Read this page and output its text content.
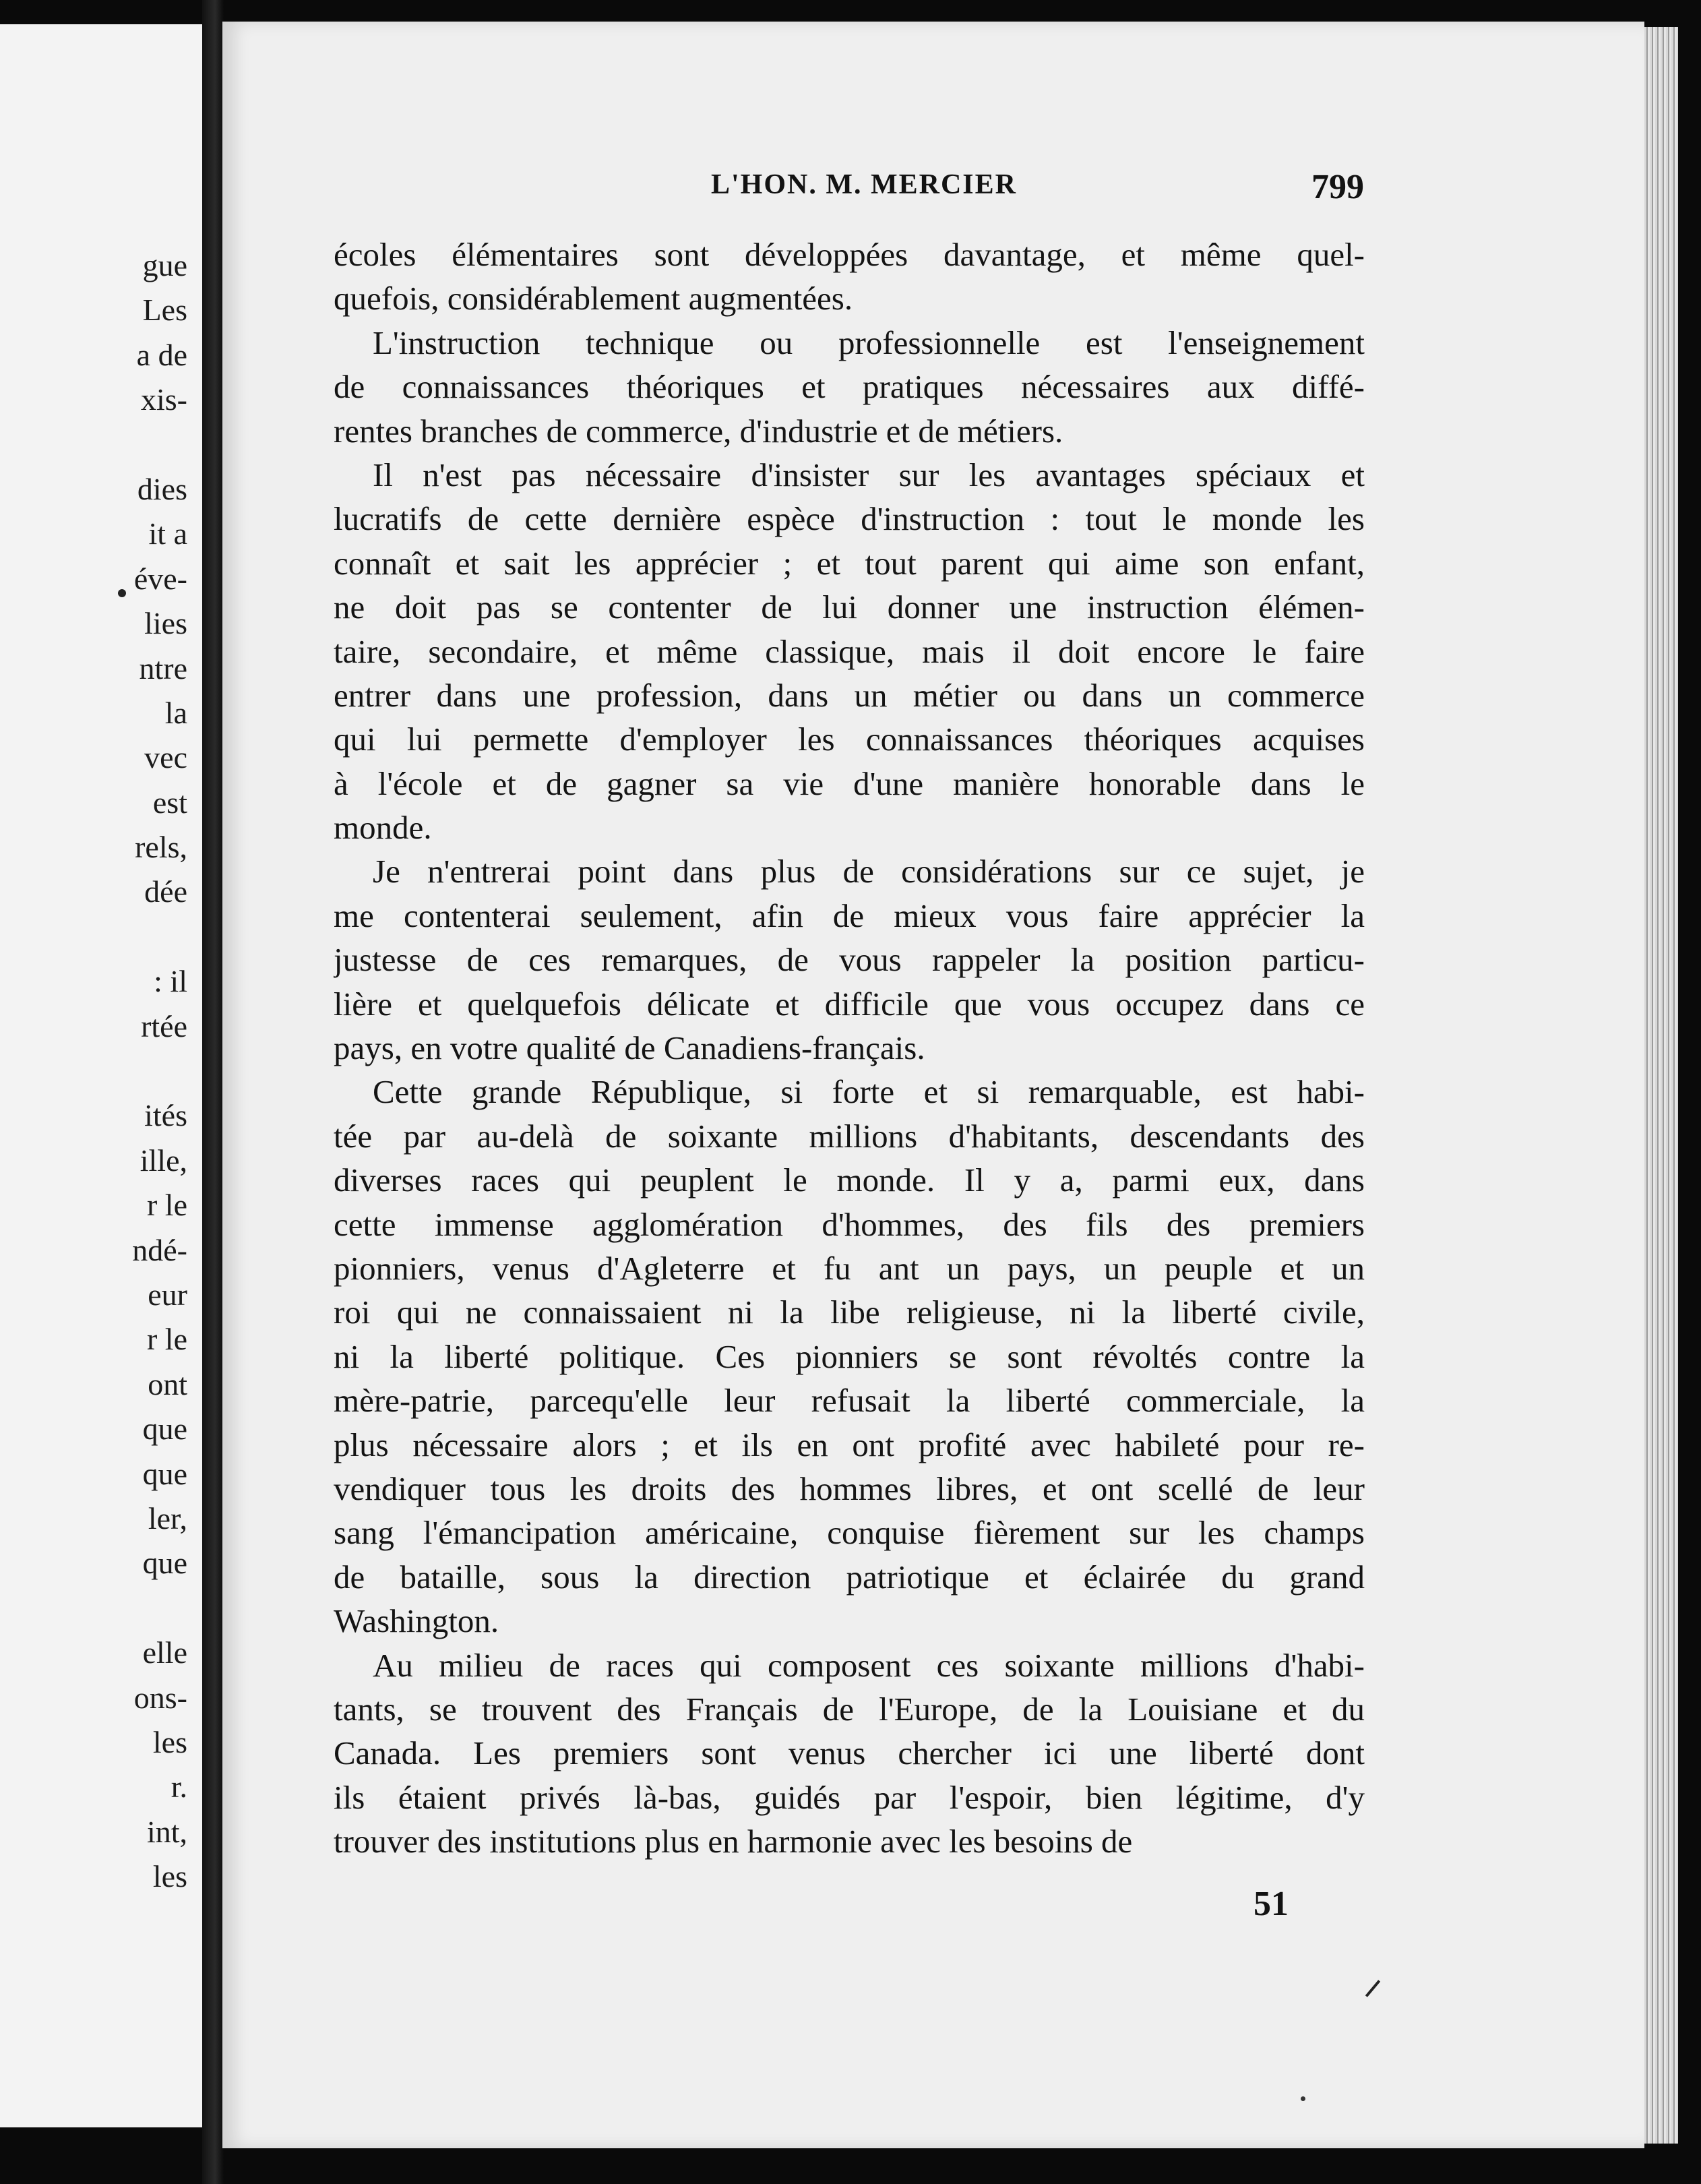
gue
Les
a de
xis-
dies
it a
éve-
lies
ntre
la
vec
est
rels,
dée
: il
rtée
ités
ille,
r le
ndé-
eur
r le
ont
que
que
ler,
que
elle
ons-
les
r.
int,
les
L'HON. M. MERCIER	799
écoles élémentaires sont développées davantage, et même quel-
quefois, considérablement augmentées.
L'instruction technique ou professionnelle est l'enseignement
de connaissances théoriques et pratiques nécessaires aux diffé-
rentes branches de commerce, d'industrie et de métiers.
Il n'est pas nécessaire d'insister sur les avantages spéciaux et
lucratifs de cette dernière espèce d'instruction : tout le monde les
connaît et sait les apprécier ; et tout parent qui aime son enfant,
ne doit pas se contenter de lui donner une instruction élémen-
taire, secondaire, et même classique, mais il doit encore le faire
entrer dans une profession, dans un métier ou dans un commerce
qui lui permette d'employer les connaissances théoriques acquises
à l'école et de gagner sa vie d'une manière honorable dans le
monde.
Je n'entrerai point dans plus de considérations sur ce sujet, je
me contenterai seulement, afin de mieux vous faire apprécier la
justesse de ces remarques, de vous rappeler la position particu-
lière et quelquefois délicate et difficile que vous occupez dans ce
pays, en votre qualité de Canadiens-français.
Cette grande République, si forte et si remarquable, est habi-
tée par au-delà de soixante millions d'habitants, descendants des
diverses races qui peuplent le monde. Il y a, parmi eux, dans
cette immense agglomération d'hommes, des fils des premiers
pionniers, venus d'Agleterre et fu ant un pays, un peuple et un
roi qui ne connaissaient ni la libe religieuse, ni la liberté civile,
ni la liberté politique. Ces pionniers se sont révoltés contre la
mère-patrie, parcequ'elle leur refusait la liberté commerciale, la
plus nécessaire alors ; et ils en ont profité avec habileté pour re-
vendiquer tous les droits des hommes libres, et ont scellé de leur
sang l'émancipation américaine, conquise fièrement sur les champs
de bataille, sous la direction patriotique et éclairée du grand
Washington.
Au milieu de races qui composent ces soixante millions d'habi-
tants, se trouvent des Français de l'Europe, de la Louisiane et du
Canada. Les premiers sont venus chercher ici une liberté dont
ils étaient privés là-bas, guidés par l'espoir, bien légitime, d'y
trouver des institutions plus en harmonie avec les besoins de
51
